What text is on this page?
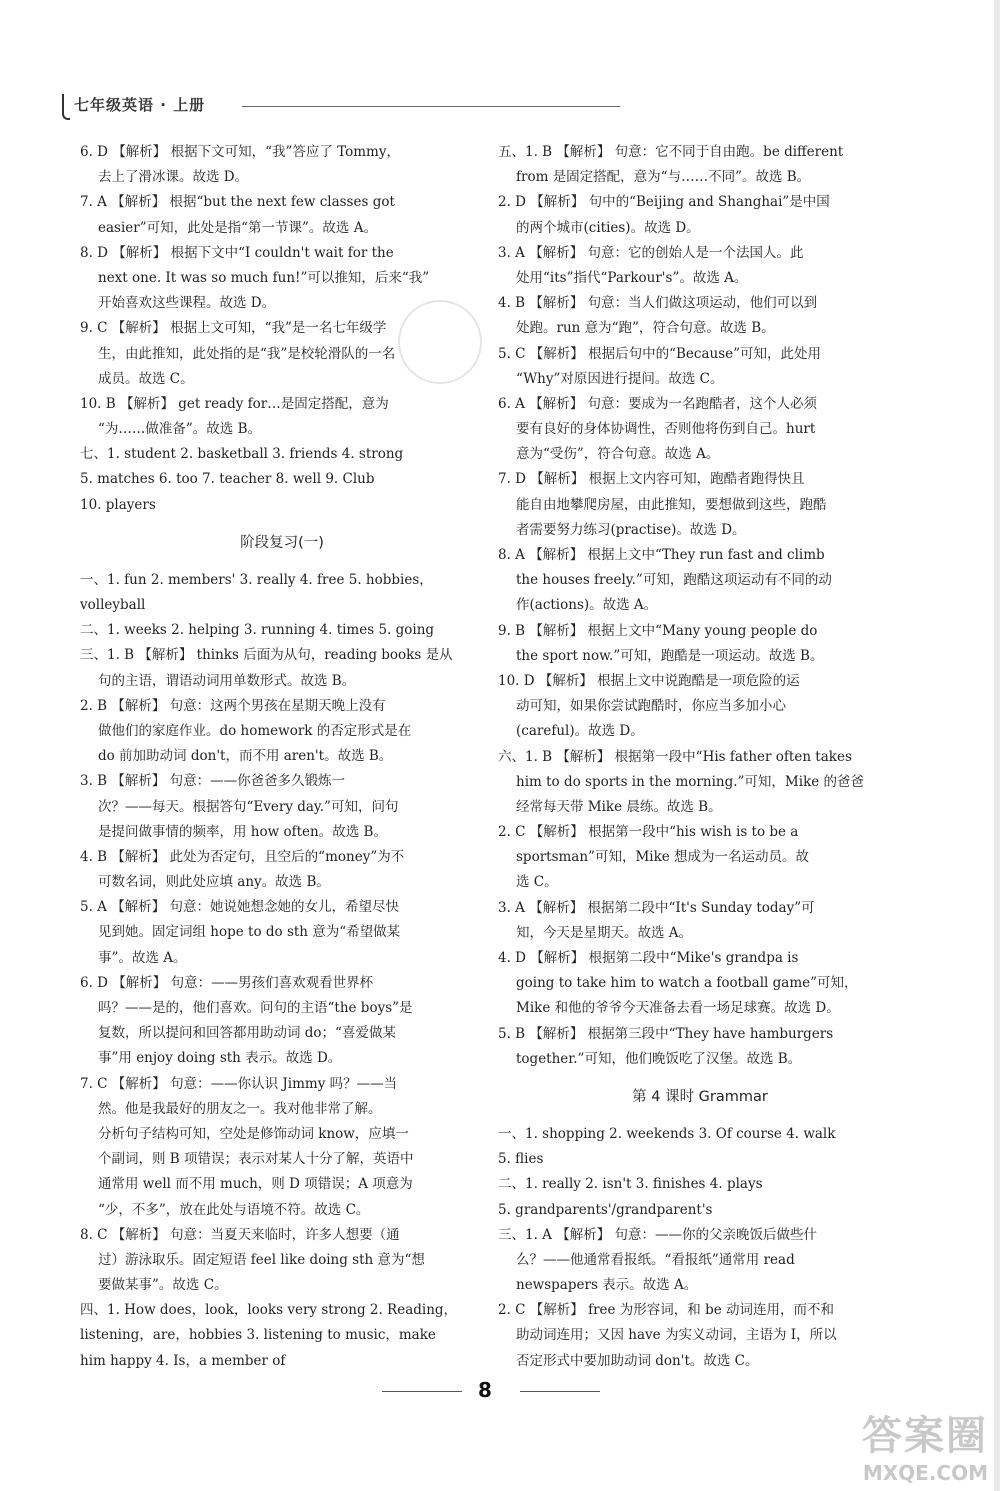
七年级英语 · 上册
6. D 【解析】 根据下文可知，“我”答应了 Tommy，
去上了滑冰课。故选 D。
7. A 【解析】 根据“but the next few classes got
easier”可知，此处是指“第一节课”。故选 A。
8. D 【解析】 根据下文中“I couldn't wait for the
next one. It was so much fun!”可以推知，后来“我”
开始喜欢这些课程。故选 D。
9. C 【解析】 根据上文可知，“我”是一名七年级学
生，由此推知，此处指的是“我”是校轮滑队的一名
成员。故选 C。
10. B 【解析】 get ready for…是固定搭配，意为
“为……做准备”。故选 B。
七、1. student 2. basketball 3. friends 4. strong
5. matches 6. too 7. teacher 8. well 9. Club
10. players
阶段复习(一)
一、1. fun 2. members' 3. really 4. free 5. hobbies，
volleyball
二、1. weeks 2. helping 3. running 4. times 5. going
三、1. B 【解析】 thinks 后面为从句，reading books 是从
句的主语，谓语动词用单数形式。故选 B。
2. B 【解析】 句意：这两个男孩在星期天晚上没有
做他们的家庭作业。do homework 的否定形式是在
do 前加助动词 don't，而不用 aren't。故选 B。
3. B 【解析】 句意：——你爸爸多久锻炼一
次？——每天。根据答句“Every day.”可知，问句
是提问做事情的频率，用 how often。故选 B。
4. B 【解析】 此处为否定句，且空后的“money”为不
可数名词，则此处应填 any。故选 B。
5. A 【解析】 句意：她说她想念她的女儿，希望尽快
见到她。固定词组 hope to do sth 意为“希望做某
事”。故选 A。
6. D 【解析】 句意：——男孩们喜欢观看世界杯
吗？——是的，他们喜欢。问句的主语“the boys”是
复数，所以提问和回答都用助动词 do；“喜爱做某
事”用 enjoy doing sth 表示。故选 D。
7. C 【解析】 句意：——你认识 Jimmy 吗？——当
然。他是我最好的朋友之一。我对他非常了解。
分析句子结构可知，空处是修饰动词 know，应填一
个副词，则 B 项错误；表示对某人十分了解，英语中
通常用 well 而不用 much，则 D 项错误；A 项意为
“少，不多”，放在此处与语境不符。故选 C。
8. C 【解析】 句意：当夏天来临时，许多人想要（通
过）游泳取乐。固定短语 feel like doing sth 意为“想
要做某事”。故选 C。
四、1. How does，look，looks very strong 2. Reading，
listening，are，hobbies 3. listening to music，make
him happy 4. Is，a member of
五、1. B 【解析】 句意：它不同于自由跑。be different
from 是固定搭配，意为“与……不同”。故选 B。
2. D 【解析】 句中的“Beijing and Shanghai”是中国
的两个城市(cities)。故选 D。
3. A 【解析】 句意：它的创始人是一个法国人。此
处用“its”指代“Parkour's”。故选 A。
4. B 【解析】 句意：当人们做这项运动，他们可以到
处跑。run 意为“跑”，符合句意。故选 B。
5. C 【解析】 根据后句中的“Because”可知，此处用
“Why”对原因进行提问。故选 C。
6. A 【解析】 句意：要成为一名跑酷者，这个人必须
要有良好的身体协调性，否则他将伤到自己。hurt
意为“受伤”，符合句意。故选 A。
7. D 【解析】 根据上文内容可知，跑酷者跑得快且
能自由地攀爬房屋，由此推知，要想做到这些，跑酷
者需要努力练习(practise)。故选 D。
8. A 【解析】 根据上文中“They run fast and climb
the houses freely.”可知，跑酷这项运动有不同的动
作(actions)。故选 A。
9. B 【解析】 根据上文中“Many young people do
the sport now.”可知，跑酷是一项运动。故选 B。
10. D 【解析】 根据上文中说跑酷是一项危险的运
动可知，如果你尝试跑酷时，你应当多加小心
(careful)。故选 D。
六、1. B 【解析】 根据第一段中“His father often takes
him to do sports in the morning.”可知，Mike 的爸爸
经常每天带 Mike 晨练。故选 B。
2. C 【解析】 根据第一段中“his wish is to be a
sportsman”可知，Mike 想成为一名运动员。故
选 C。
3. A 【解析】 根据第二段中“It's Sunday today”可
知，今天是星期天。故选 A。
4. D 【解析】 根据第二段中“Mike's grandpa is
going to take him to watch a football game”可知，
Mike 和他的爷爷今天准备去看一场足球赛。故选 D。
5. B 【解析】 根据第三段中“They have hamburgers
together.”可知，他们晚饭吃了汉堡。故选 B。
第 4 课时 Grammar
一、1. shopping 2. weekends 3. Of course 4. walk
5. flies
二、1. really 2. isn't 3. finishes 4. plays
5. grandparents'/grandparent's
三、1. A 【解析】 句意：——你的父亲晚饭后做些什
么？——他通常看报纸。“看报纸”通常用 read
newspapers 表示。故选 A。
2. C 【解析】 free 为形容词，和 be 动词连用，而不和
助动词连用；又因 have 为实义动词，主语为 I，所以
否定形式中要加助动词 don't。故选 C。
8
答案圈
MXQE.COM
